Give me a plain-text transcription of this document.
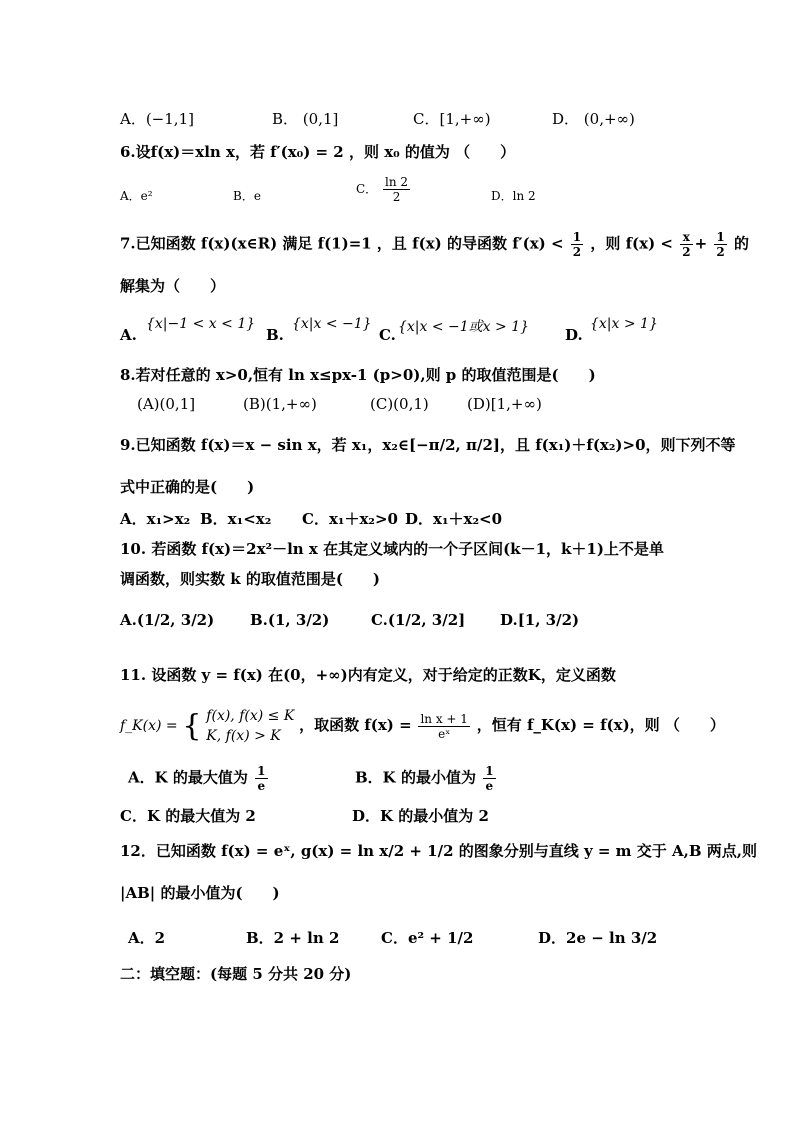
A．(−1,1]	B． (0,1]	C．[1,+∞)	D． (0,+∞)
6.设f(x)＝xln x，若 f′(x₀) = 2 ，则 x₀ 的值为 （　　）
A．e²	B．e	C． $\frac{\ln 2}{2}$	D．ln 2
7.已知函数 f(x)(x∈R) 满足 f(1)=1 ，且 f(x) 的导函数 $f'(x) < \frac{1}{2}$ ，则 $f(x) < \frac{x}{2} + \frac{1}{2}$ 的
解集为（　　）
A.
{x|−1 < x < 1}
B.
{x|x < −1}
C. {x|x < −1或x > 1} D.
{x|x > 1}
8.若对任意的 x>0,恒有 ln x≤px-1 (p>0),则 p 的取值范围是(　　)
(A)(0,1]	(B)(1,+∞)	(C)(0,1)	(D)[1,+∞)
9.已知函数 f(x)＝x − sin x，若 x₁，x₂∈[−π/2, π/2]，且 f(x₁)＋f(x₂)>0，则下列不等
式中正确的是(　　)
A．x₁>x₂ B．x₁<x₂ C．x₁＋x₂>0 D．x₁＋x₂<0
10. 若函数 f(x)＝2x²－ln x 在其定义域内的一个子区间(k－1，k＋1)上不是单
调函数，则实数 k 的取值范围是(　　)
A.(1/2, 3/2) B.(1, 3/2)	C.(1/2, 3/2] D.[1, 3/2)
11. 设函数 y = f(x) 在(0，+∞)内有定义，对于给定的正数K，定义函数
f_K(x) = { f(x), f(x) ≤ K
K, f(x) > K
，取函数 $f(x) = \frac{\text{ln x + 1}}{\text{eˣ}}$ ，恒有 f_K(x) = f(x)，则 （　　）
A．K 的最大值为 $\frac{1}{e}$	B．K 的最小值为 $\frac{1}{e}$
C．K 的最大值为 2	D．K 的最小值为 2
12．已知函数 f(x) = eˣ, g(x) = ln x/2 + 1/2 的图象分别与直线 y = m 交于 A,B 两点,则
|AB| 的最小值为(　　)
A．2	B．2 + ln 2	C．e² + 1/2	D．2e − ln 3/2
二：填空题：(每题 5 分共 20 分)
